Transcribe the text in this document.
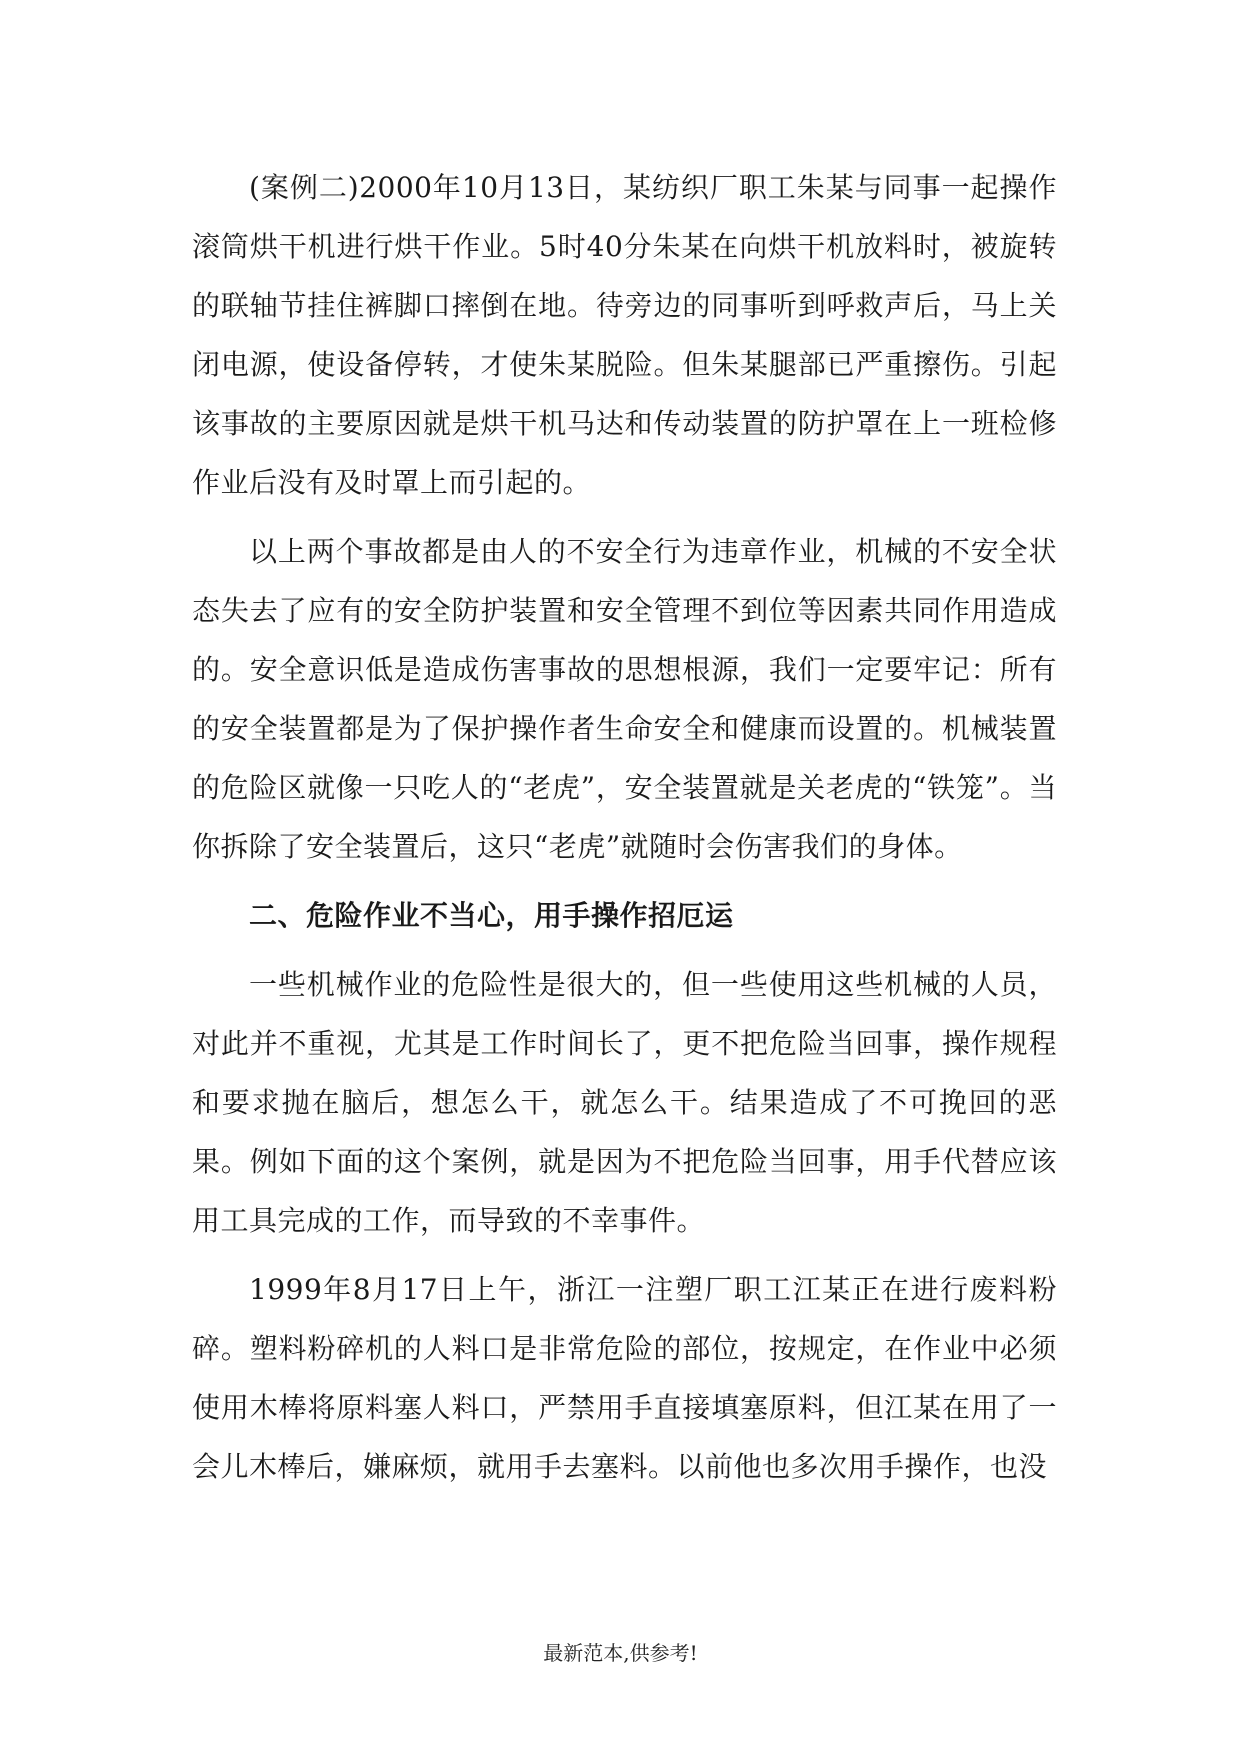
(案例二)2000年10月13日，某纺织厂职工朱某与同事一起操作滚筒烘干机进行烘干作业。5时40分朱某在向烘干机放料时，被旋转的联轴节挂住裤脚口摔倒在地。待旁边的同事听到呼救声后，马上关闭电源，使设备停转，才使朱某脱险。但朱某腿部已严重擦伤。引起该事故的主要原因就是烘干机马达和传动装置的防护罩在上一班检修作业后没有及时罩上而引起的。

以上两个事故都是由人的不安全行为违章作业，机械的不安全状态失去了应有的安全防护装置和安全管理不到位等因素共同作用造成的。安全意识低是造成伤害事故的思想根源，我们一定要牢记：所有的安全装置都是为了保护操作者生命安全和健康而设置的。机械装置的危险区就像一只吃人的“老虎”，安全装置就是关老虎的“铁笼”。当你拆除了安全装置后，这只“老虎”就随时会伤害我们的身体。

二、危险作业不当心，用手操作招厄运

一些机械作业的危险性是很大的，但一些使用这些机械的人员，对此并不重视，尤其是工作时间长了，更不把危险当回事，操作规程和要求抛在脑后，想怎么干，就怎么干。结果造成了不可挽回的恶果。例如下面的这个案例，就是因为不把危险当回事，用手代替应该用工具完成的工作，而导致的不幸事件。

1999年8月17日上午，浙江一注塑厂职工江某正在进行废料粉碎。塑料粉碎机的人料口是非常危险的部位，按规定，在作业中必须使用木棒将原料塞人料口，严禁用手直接填塞原料，但江某在用了一会儿木棒后，嫌麻烦，就用手去塞料。以前他也多次用手操作，也没

最新范本,供参考!
